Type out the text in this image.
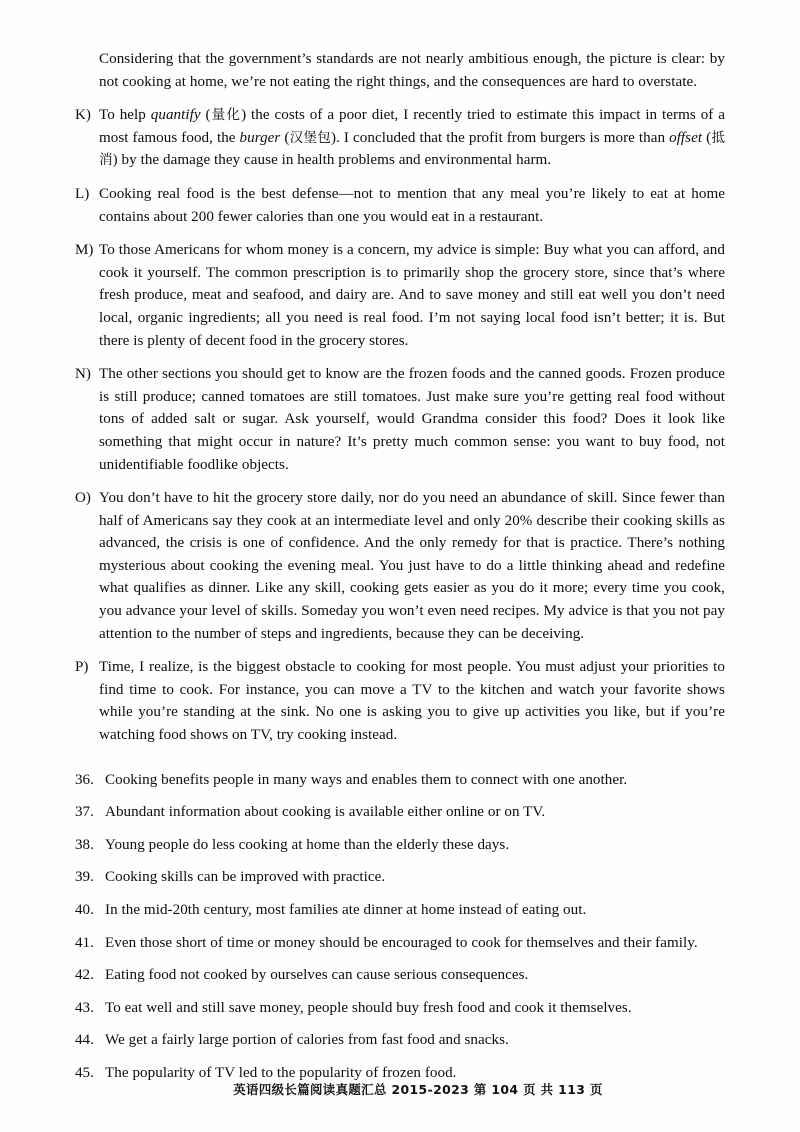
Considering that the government’s standards are not nearly ambitious enough, the picture is clear: by not cooking at home, we’re not eating the right things, and the consequences are hard to overstate.
K) To help quantify (量化) the costs of a poor diet, I recently tried to estimate this impact in terms of a most famous food, the burger (汉堡包). I concluded that the profit from burgers is more than offset (抵消) by the damage they cause in health problems and environmental harm.
L) Cooking real food is the best defense—not to mention that any meal you’re likely to eat at home contains about 200 fewer calories than one you would eat in a restaurant.
M) To those Americans for whom money is a concern, my advice is simple: Buy what you can afford, and cook it yourself. The common prescription is to primarily shop the grocery store, since that’s where fresh produce, meat and seafood, and dairy are. And to save money and still eat well you don’t need local, organic ingredients; all you need is real food. I’m not saying local food isn’t better; it is. But there is plenty of decent food in the grocery stores.
N) The other sections you should get to know are the frozen foods and the canned goods. Frozen produce is still produce; canned tomatoes are still tomatoes. Just make sure you’re getting real food without tons of added salt or sugar. Ask yourself, would Grandma consider this food? Does it look like something that might occur in nature? It’s pretty much common sense: you want to buy food, not unidentifiable foodlike objects.
O) You don’t have to hit the grocery store daily, nor do you need an abundance of skill. Since fewer than half of Americans say they cook at an intermediate level and only 20% describe their cooking skills as advanced, the crisis is one of confidence. And the only remedy for that is practice. There’s nothing mysterious about cooking the evening meal. You just have to do a little thinking ahead and redefine what qualifies as dinner. Like any skill, cooking gets easier as you do it more; every time you cook, you advance your level of skills. Someday you won’t even need recipes. My advice is that you not pay attention to the number of steps and ingredients, because they can be deceiving.
P) Time, I realize, is the biggest obstacle to cooking for most people. You must adjust your priorities to find time to cook. For instance, you can move a TV to the kitchen and watch your favorite shows while you’re standing at the sink. No one is asking you to give up activities you like, but if you’re watching food shows on TV, try cooking instead.
36. Cooking benefits people in many ways and enables them to connect with one another.
37. Abundant information about cooking is available either online or on TV.
38. Young people do less cooking at home than the elderly these days.
39. Cooking skills can be improved with practice.
40. In the mid-20th century, most families ate dinner at home instead of eating out.
41. Even those short of time or money should be encouraged to cook for themselves and their family.
42. Eating food not cooked by ourselves can cause serious consequences.
43. To eat well and still save money, people should buy fresh food and cook it themselves.
44. We get a fairly large portion of calories from fast food and snacks.
45. The popularity of TV led to the popularity of frozen food.
英语四级长篇阅读真题汇总 2015-2023 第 104 页 共 113 页
